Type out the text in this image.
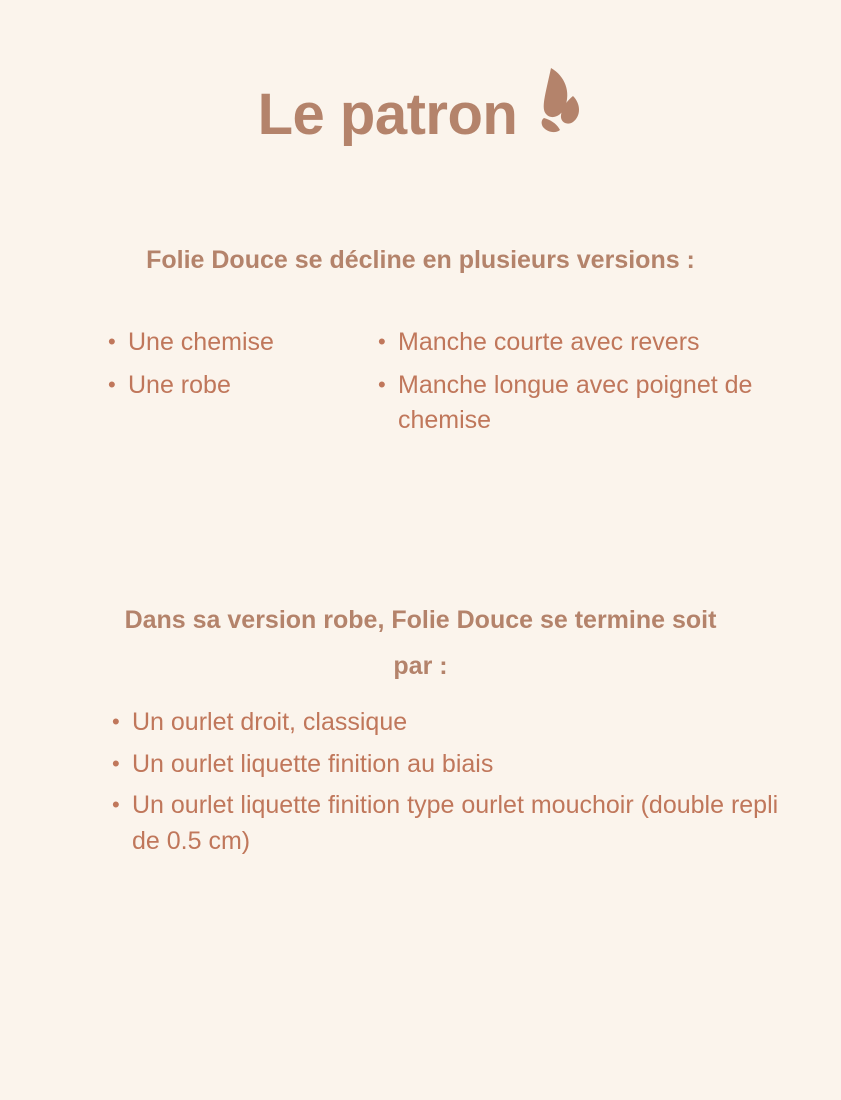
Le patron
Folie Douce se décline en plusieurs versions :
• Une chemise
• Une robe
• Manche courte avec revers
• Manche longue avec poignet de chemise
Dans sa version robe, Folie Douce se termine soit par :
• Un ourlet droit, classique
• Un ourlet liquette finition au biais
• Un ourlet liquette finition type ourlet mouchoir (double repli de 0.5 cm)
